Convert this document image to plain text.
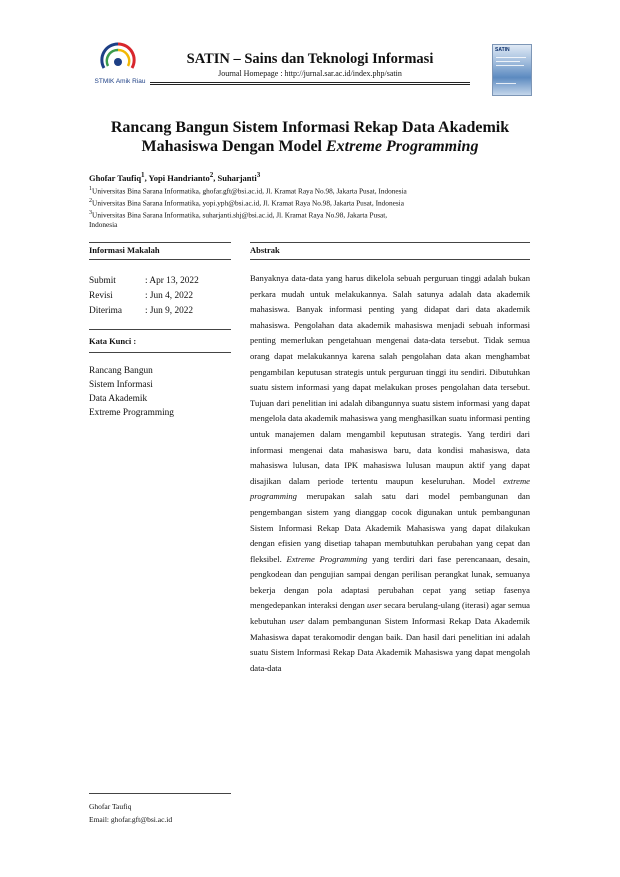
STMIK Amik Riau
SATIN – Sains dan Teknologi Informasi
Journal Homepage : http://jurnal.sar.ac.id/index.php/satin
SATIN
Rancang Bangun Sistem Informasi Rekap Data Akademik
Mahasiswa Dengan Model Extreme Programming
Ghofar Taufiq$^1$, Yopi Handrianto$^2$, Suharjanti$^3$
$^1$Universitas Bina Sarana Informatika, ghofar.gft@bsi.ac.id, Jl. Kramat Raya No.98, Jakarta Pusat, Indonesia
$^2$Universitas Bina Sarana Informatika, yopi.yph@bsi.ac.id, Jl. Kramat Raya No.98, Jakarta Pusat, Indonesia
$^3$Universitas Bina Sarana Informatika, suharjanti.shj@bsi.ac.id, Jl. Kramat Raya No.98, Jakarta Pusat, Indonesia
Informasi Makalah
Submit	: Apr 13, 2022
Revisi	: Jun 4, 2022
Diterima : Jun 9, 2022
Kata Kunci :
Rancang Bangun
Sistem Informasi
Data Akademik
Extreme Programming
Abstrak
Banyaknya data-data yang harus dikelola sebuah perguruan tinggi adalah bukan perkara mudah untuk melakukannya. Salah satunya adalah data akademik mahasiswa. Banyak informasi penting yang didapat dari data akademik mahasiswa. Pengolahan data akademik mahasiswa menjadi sebuah informasi penting memerlukan pengetahuan mengenai data-data tersebut. Tidak semua orang dapat melakukannya karena salah pengolahan data akan menghambat pengambilan keputusan strategis untuk perguruan tinggi itu sendiri. Dibutuhkan suatu sistem informasi yang dapat melakukan proses pengolahan data tersebut. Tujuan dari penelitian ini adalah dibangunnya suatu sistem informasi yang dapat mengelola data akademik mahasiswa yang menghasilkan suatu informasi penting untuk manajemen dalam mengambil keputusan strategis. Yang terdiri dari informasi mengenai data mahasiswa baru, data kondisi mahasiswa, data mahasiswa lulusan, data IPK mahasiswa lulusan maupun aktif yang dapat disajikan dalam periode tertentu maupun keseluruhan. Model extreme programming merupakan salah satu dari model pembangunan dan pengembangan sistem yang dianggap cocok digunakan untuk pembangunan Sistem Informasi Rekap Data Akademik Mahasiswa yang dapat dilakukan dengan efisien yang disetiap tahapan membutuhkan perubahan yang cepat dan fleksibel. Extreme Programming yang terdiri dari fase perencanaan, desain, pengkodean dan pengujian sampai dengan perilisan perangkat lunak, semuanya bekerja dengan pola adaptasi perubahan cepat yang setiap fasenya mengedepankan interaksi dengan user secara berulang-ulang (iterasi) agar semua kebutuhan user dalam pembangunan Sistem Informasi Rekap Data Akademik Mahasiswa dapat terakomodir dengan baik. Dan hasil dari penelitian ini adalah suatu Sistem Informasi Rekap Data Akademik Mahasiswa yang dapat mengolah data-data
Ghofar Taufiq
Email: ghofar.gft@bsi.ac.id
